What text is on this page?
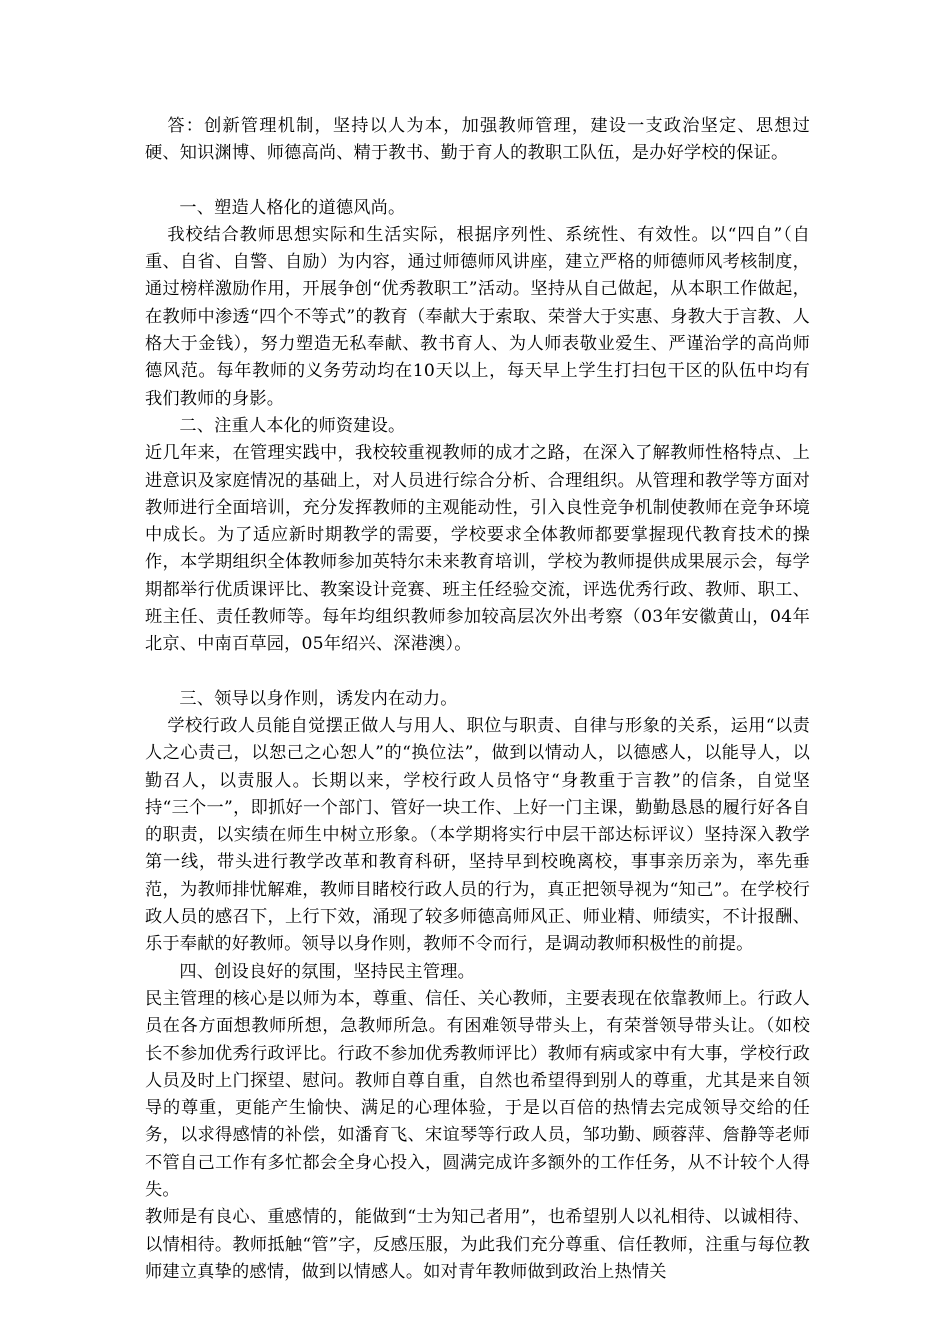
答：创新管理机制，坚持以人为本，加强教师管理，建设一支政治坚定、思想过硬、知识渊博、师德高尚、精于教书、勤于育人的教职工队伍，是办好学校的保证。

一、塑造人格化的道德风尚。

我校结合教师思想实际和生活实际，根据序列性、系统性、有效性。以“四自”（自重、自省、自警、自励）为内容，通过师德师风讲座，建立严格的师德师风考核制度，通过榜样激励作用，开展争创“优秀教职工”活动。坚持从自己做起，从本职工作做起，在教师中渗透“四个不等式”的教育（奉献大于索取、荣誉大于实惠、身教大于言教、人格大于金钱），努力塑造无私奉献、教书育人、为人师表敬业爱生、严谨治学的高尚师德风范。每年教师的义务劳动均在10天以上，每天早上学生打扫包干区的队伍中均有我们教师的身影。

二、注重人本化的师资建设。

近几年来，在管理实践中，我校较重视教师的成才之路，在深入了解教师性格特点、上进意识及家庭情况的基础上，对人员进行综合分析、合理组织。从管理和教学等方面对教师进行全面培训，充分发挥教师的主观能动性，引入良性竞争机制使教师在竞争环境中成长。为了适应新时期教学的需要，学校要求全体教师都要掌握现代教育技术的操作，本学期组织全体教师参加英特尔未来教育培训，学校为教师提供成果展示会，每学期都举行优质课评比、教案设计竞赛、班主任经验交流，评选优秀行政、教师、职工、班主任、责任教师等。每年均组织教师参加较高层次外出考察（03年安徽黄山，04年北京、中南百草园，05年绍兴、深港澳）。

三、领导以身作则，诱发内在动力。

学校行政人员能自觉摆正做人与用人、职位与职责、自律与形象的关系，运用“以责人之心责己，以恕己之心恕人”的“换位法”，做到以情动人，以德感人，以能导人，以勤召人，以责服人。长期以来，学校行政人员恪守“身教重于言教”的信条，自觉坚持“三个一”，即抓好一个部门、管好一块工作、上好一门主课，勤勤恳恳的履行好各自的职责，以实绩在师生中树立形象。（本学期将实行中层干部达标评议）坚持深入教学第一线，带头进行教学改革和教育科研，坚持早到校晚离校，事事亲历亲为，率先垂范，为教师排忧解难，教师目睹校行政人员的行为，真正把领导视为“知己”。在学校行政人员的感召下，上行下效，涌现了较多师德高师风正、师业精、师绩实，不计报酬、乐于奉献的好教师。领导以身作则，教师不令而行，是调动教师积极性的前提。

四、创设良好的氛围，坚持民主管理。

民主管理的核心是以师为本，尊重、信任、关心教师，主要表现在依靠教师上。行政人员在各方面想教师所想，急教师所急。有困难领导带头上，有荣誉领导带头让。（如校长不参加优秀行政评比。行政不参加优秀教师评比）教师有病或家中有大事，学校行政人员及时上门探望、慰问。教师自尊自重，自然也希望得到别人的尊重，尤其是来自领导的尊重，更能产生愉快、满足的心理体验，于是以百倍的热情去完成领导交给的任务，以求得感情的补偿，如潘育飞、宋谊琴等行政人员，邹功勤、顾蓉萍、詹静等老师不管自己工作有多忙都会全身心投入，圆满完成许多额外的工作任务，从不计较个人得失。

教师是有良心、重感情的，能做到“士为知己者用”，也希望别人以礼相待、以诚相待、以情相待。教师抵触“管”字，反感压服，为此我们充分尊重、信任教师，注重与每位教师建立真挚的感情，做到以情感人。如对青年教师做到政治上热情关
